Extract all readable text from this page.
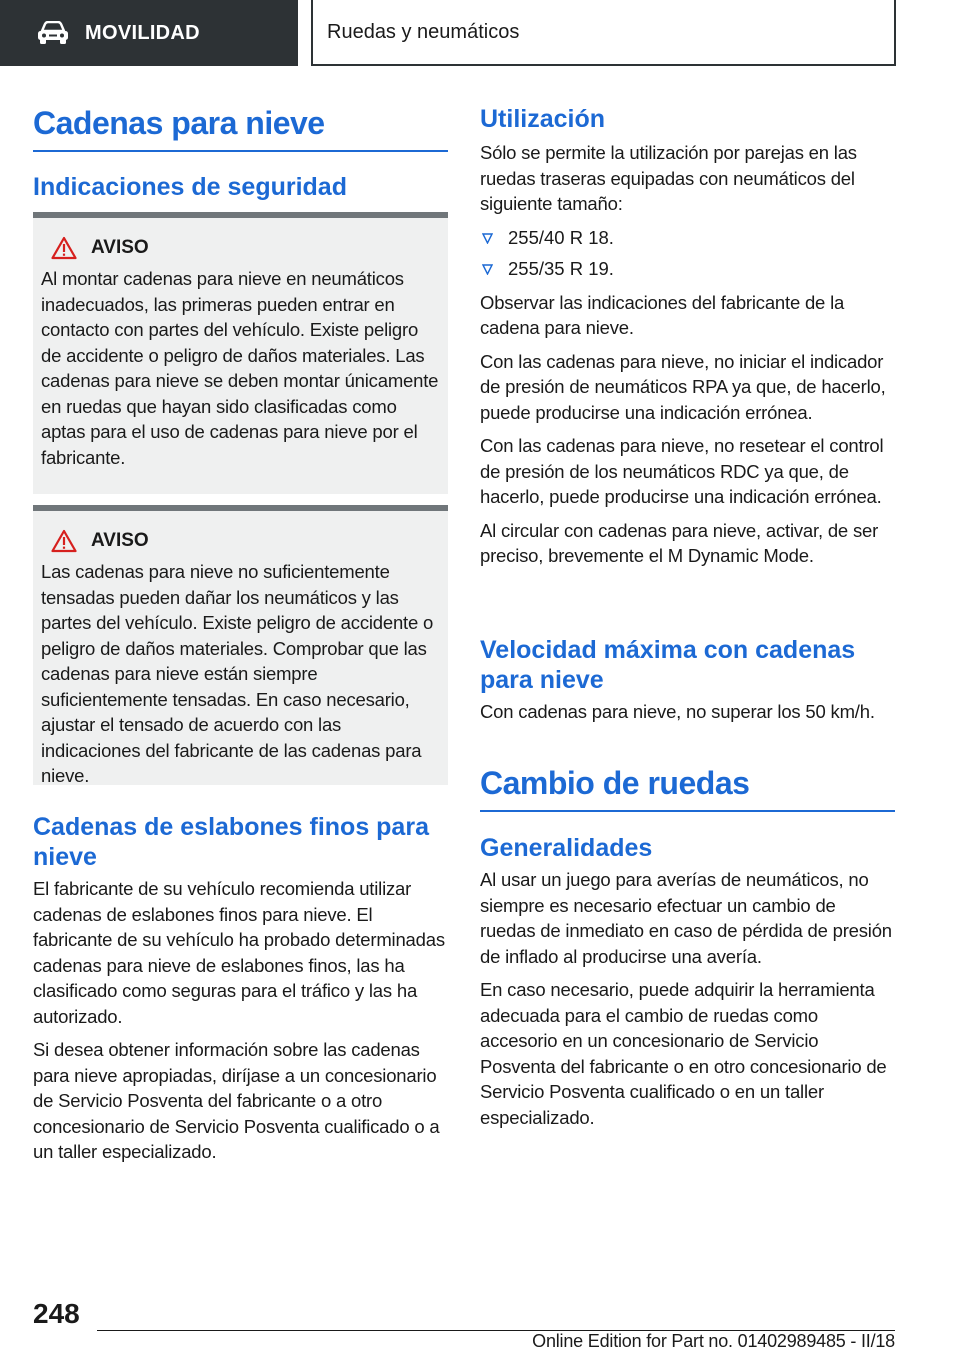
MOVILIDAD	Ruedas y neumáticos
Cadenas para nieve
Indicaciones de seguridad
AVISO

Al montar cadenas para nieve en neumáticos inadecuados, las primeras pueden entrar en contacto con partes del vehículo. Existe peligro de accidente o peligro de daños materiales. Las cadenas para nieve se deben montar únicamente en ruedas que hayan sido clasificadas como aptas para el uso de cadenas para nieve por el fabricante.

AVISO

Las cadenas para nieve no suficientemente tensadas pueden dañar los neumáticos y las partes del vehículo. Existe peligro de accidente o peligro de daños materiales. Comprobar que las cadenas para nieve están siempre suficientemente tensadas. En caso necesario, ajustar el tensado de acuerdo con las indicaciones del fabricante de las cadenas para nieve.

Cadenas de eslabones finos para nieve

El fabricante de su vehículo recomienda utilizar cadenas de eslabones finos para nieve. El fabricante de su vehículo ha probado determinadas cadenas para nieve de eslabones finos, las ha clasificado como seguras para el tráfico y las ha autorizado.

Si desea obtener información sobre las cadenas para nieve apropiadas, diríjase a un concesionario de Servicio Posventa del fabricante o a otro concesionario de Servicio Posventa cualificado o a un taller especializado.

Utilización

Sólo se permite la utilización por parejas en las ruedas traseras equipadas con neumáticos del siguiente tamaño:

255/40 R 18.
255/35 R 19.

Observar las indicaciones del fabricante de la cadena para nieve.

Con las cadenas para nieve, no iniciar el indicador de presión de neumáticos RPA ya que, de hacerlo, puede producirse una indicación errónea.

Con las cadenas para nieve, no resetear el control de presión de los neumáticos RDC ya que, de hacerlo, puede producirse una indicación errónea.

Al circular con cadenas para nieve, activar, de ser preciso, brevemente el M Dynamic Mode.

Velocidad máxima con cadenas para nieve

Con cadenas para nieve, no superar los 50 km/h.

Cambio de ruedas
Generalidades

Al usar un juego para averías de neumáticos, no siempre es necesario efectuar un cambio de ruedas de inmediato en caso de pérdida de presión de inflado al producirse una avería.

En caso necesario, puede adquirir la herramienta adecuada para el cambio de ruedas como accesorio en un concesionario de Servicio Posventa del fabricante o en otro concesionario de Servicio Posventa cualificado o en un taller especializado.

248
Online Edition for Part no. 01402989485 - II/18
